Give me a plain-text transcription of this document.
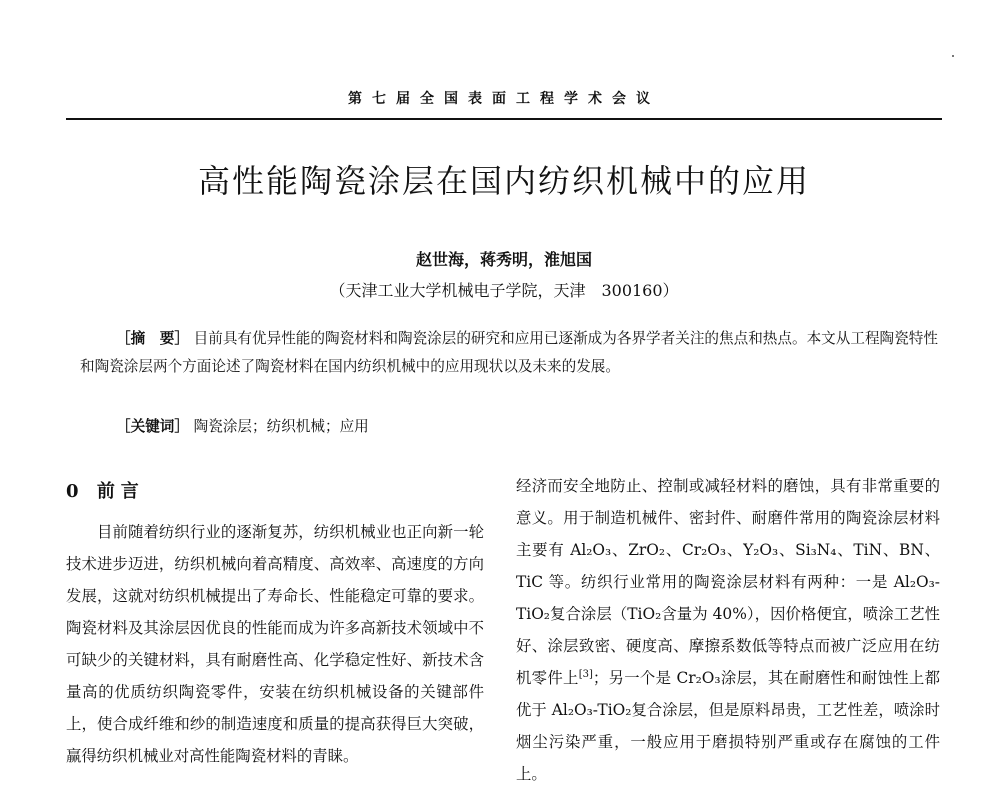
第七届全国表面工程学术会议
高性能陶瓷涂层在国内纺织机械中的应用
赵世海，蒋秀明，淮旭国
（天津工业大学机械电子学院，天津　300160）
［摘　要］ 目前具有优异性能的陶瓷材料和陶瓷涂层的研究和应用已逐渐成为各界学者关注的焦点和热点。本文从工程陶瓷特性和陶瓷涂层两个方面论述了陶瓷材料在国内纺织机械中的应用现状以及未来的发展。
［关键词］ 陶瓷涂层；纺织机械；应用
0 前言
目前随着纺织行业的逐渐复苏，纺织机械业也正向新一轮技术进步迈进，纺织机械向着高精度、高效率、高速度的方向发展，这就对纺织机械提出了寿命长、性能稳定可靠的要求。陶瓷材料及其涂层因优良的性能而成为许多高新技术领域中不可缺少的关键材料，具有耐磨性高、化学稳定性好、新技术含量高的优质纺织陶瓷零件，安装在纺织机械设备的关键部件上，使合成纤维和纱的制造速度和质量的提高获得巨大突破，赢得纺织机械业对高性能陶瓷材料的青睐。
经济而安全地防止、控制或减轻材料的磨蚀，具有非常重要的意义。用于制造机械件、密封件、耐磨件常用的陶瓷涂层材料主要有 Al₂O₃、ZrO₂、Cr₂O₃、Y₂O₃、Si₃N₄、TiN、BN、TiC 等。纺织行业常用的陶瓷涂层材料有两种：一是 Al₂O₃-TiO₂复合涂层（TiO₂含量为 40%），因价格便宜，喷涂工艺性好、涂层致密、硬度高、摩擦系数低等特点而被广泛应用在纺机零件上[3]；另一个是 Cr₂O₃涂层，其在耐磨性和耐蚀性上都优于 Al₂O₃-TiO₂复合涂层，但是原料昂贵，工艺性差，喷涂时烟尘污染严重，一般应用于磨损特别严重或存在腐蚀的工件上。
